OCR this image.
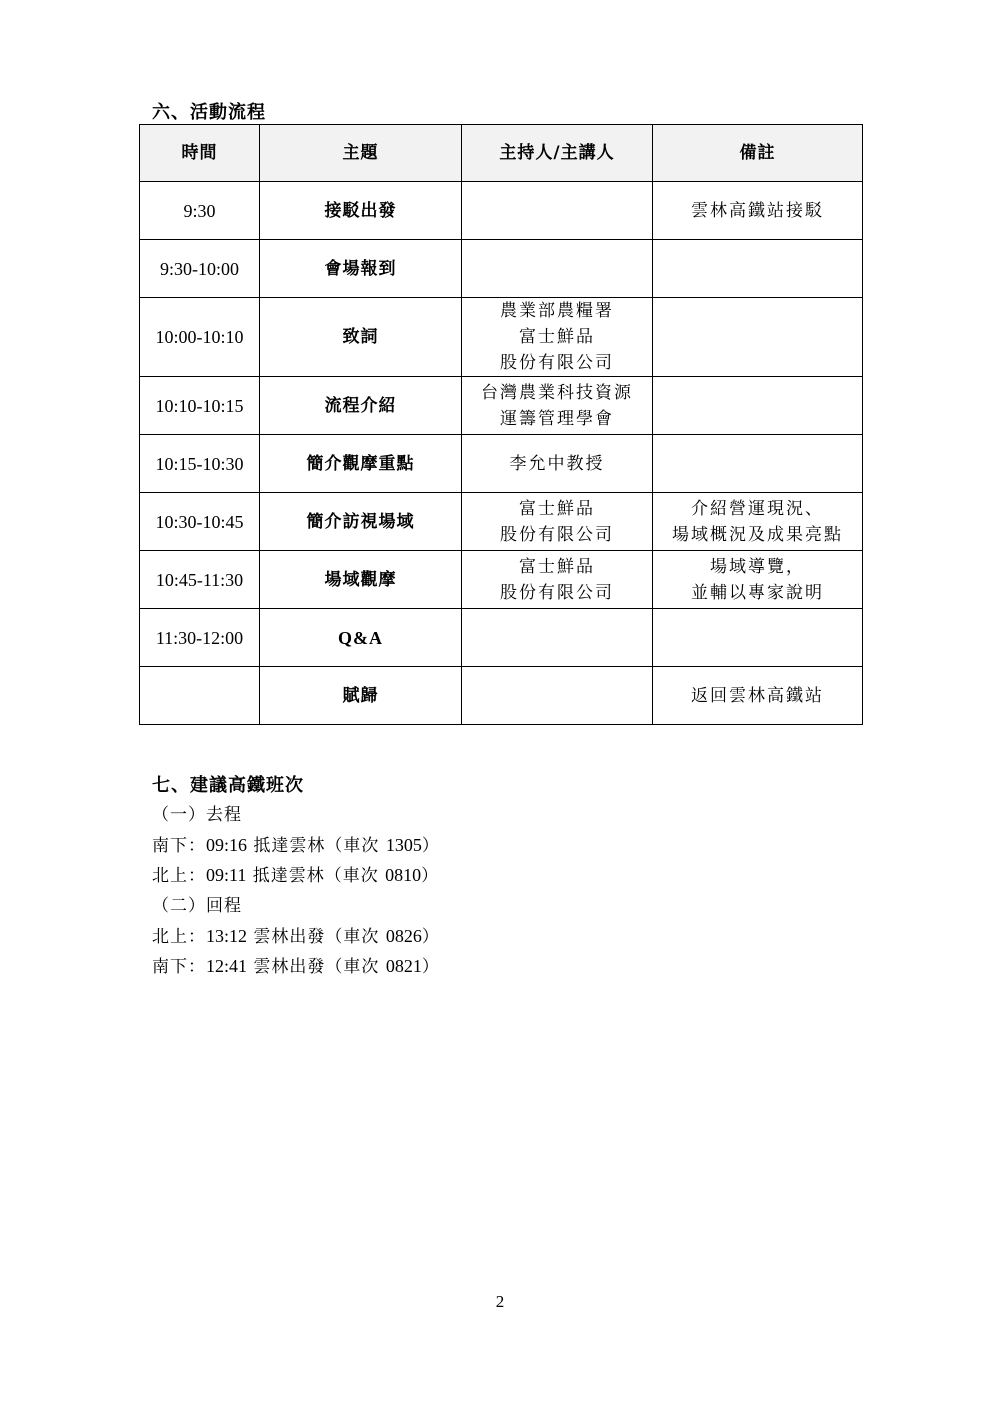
六、活動流程
時間	主題	主持人/主講人	備註
9:30	接駁出發		雲林高鐵站接駁

9:30-10:00	會場報到		
10:00-10:10	致詞	農業部農糧署
富士鮮品
股份有限公司	

10:10-10:15	流程介紹	台灣農業科技資源
運籌管理學會	

10:15-10:30	簡介觀摩重點	李允中教授	

10:30-10:45	簡介訪視場域	富士鮮品
股份有限公司	介紹營運現況、
場域概況及成果亮點

10:45-11:30	場域觀摩	富士鮮品
股份有限公司	場域導覽，
並輔以專家說明

11:30-12:00	Q&A		
	賦歸		返回雲林高鐵站
七、建議高鐵班次
（一）去程
南下：09:16 抵達雲林（車次 1305）
北上：09:11 抵達雲林（車次 0810）
（二）回程
北上：13:12 雲林出發（車次 0826）
南下：12:41 雲林出發（車次 0821）
2
